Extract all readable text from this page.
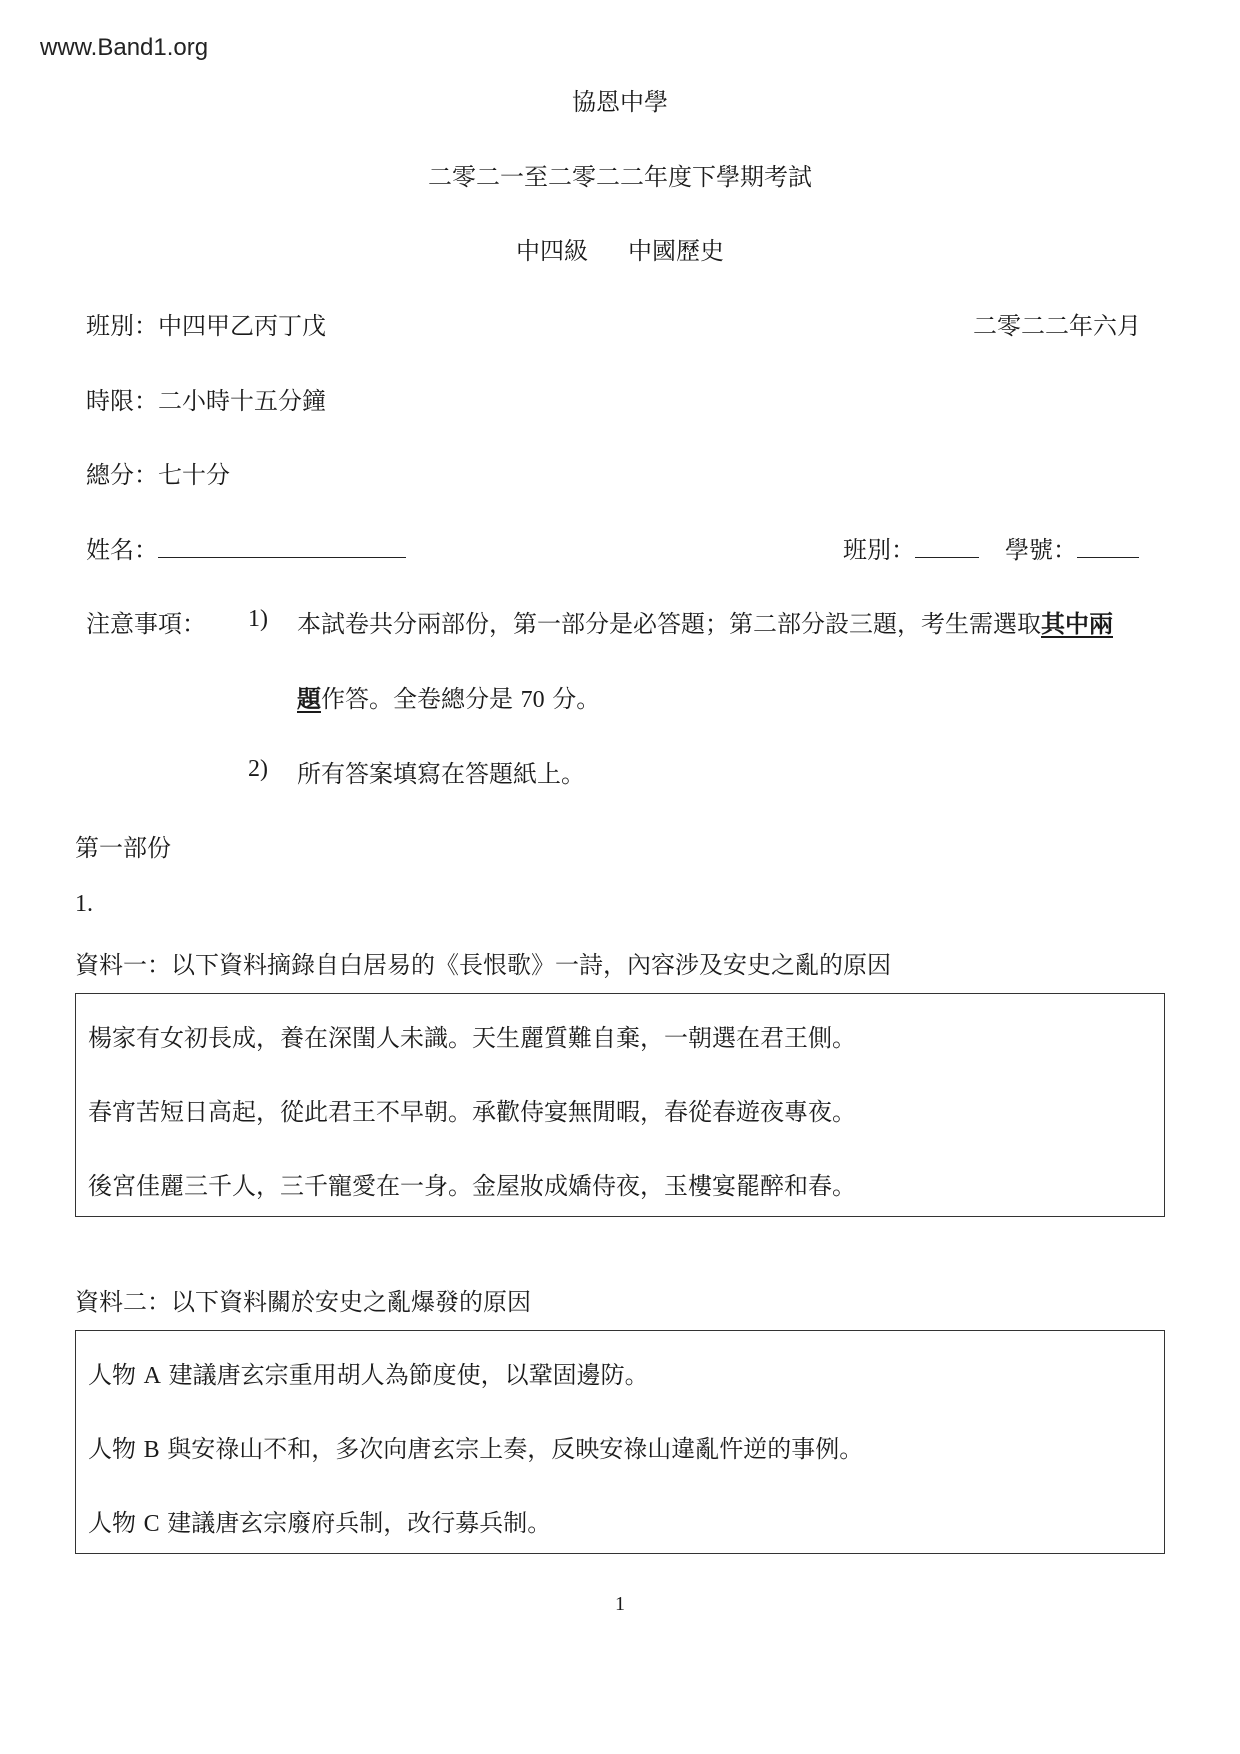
www.Band1.org
協恩中學
二零二一至二零二二年度下學期考試
中四級 中國歷史
班別：中四甲乙丙丁戊	二零二二年六月
時限：二小時十五分鐘
總分：七十分
姓名：	班別：	學號：
注意事項： 1) 本試卷共分兩部份，第一部分是必答題；第二部分設三題，考生需選取其中兩
題作答。全卷總分是 70 分。
2) 所有答案填寫在答題紙上。
第一部份
1.
資料一：以下資料摘錄自白居易的《長恨歌》一詩，內容涉及安史之亂的原因
楊家有女初長成，養在深閨人未識。天生麗質難自棄，一朝選在君王側。
春宵苦短日高起，從此君王不早朝。承歡侍宴無閒暇，春從春遊夜專夜。
後宮佳麗三千人，三千寵愛在一身。金屋妝成嬌侍夜，玉樓宴罷醉和春。
資料二：以下資料關於安史之亂爆發的原因
人物 A 建議唐玄宗重用胡人為節度使，以鞏固邊防。
人物 B 與安祿山不和，多次向唐玄宗上奏，反映安祿山違亂忤逆的事例。
人物 C 建議唐玄宗廢府兵制，改行募兵制。
1
